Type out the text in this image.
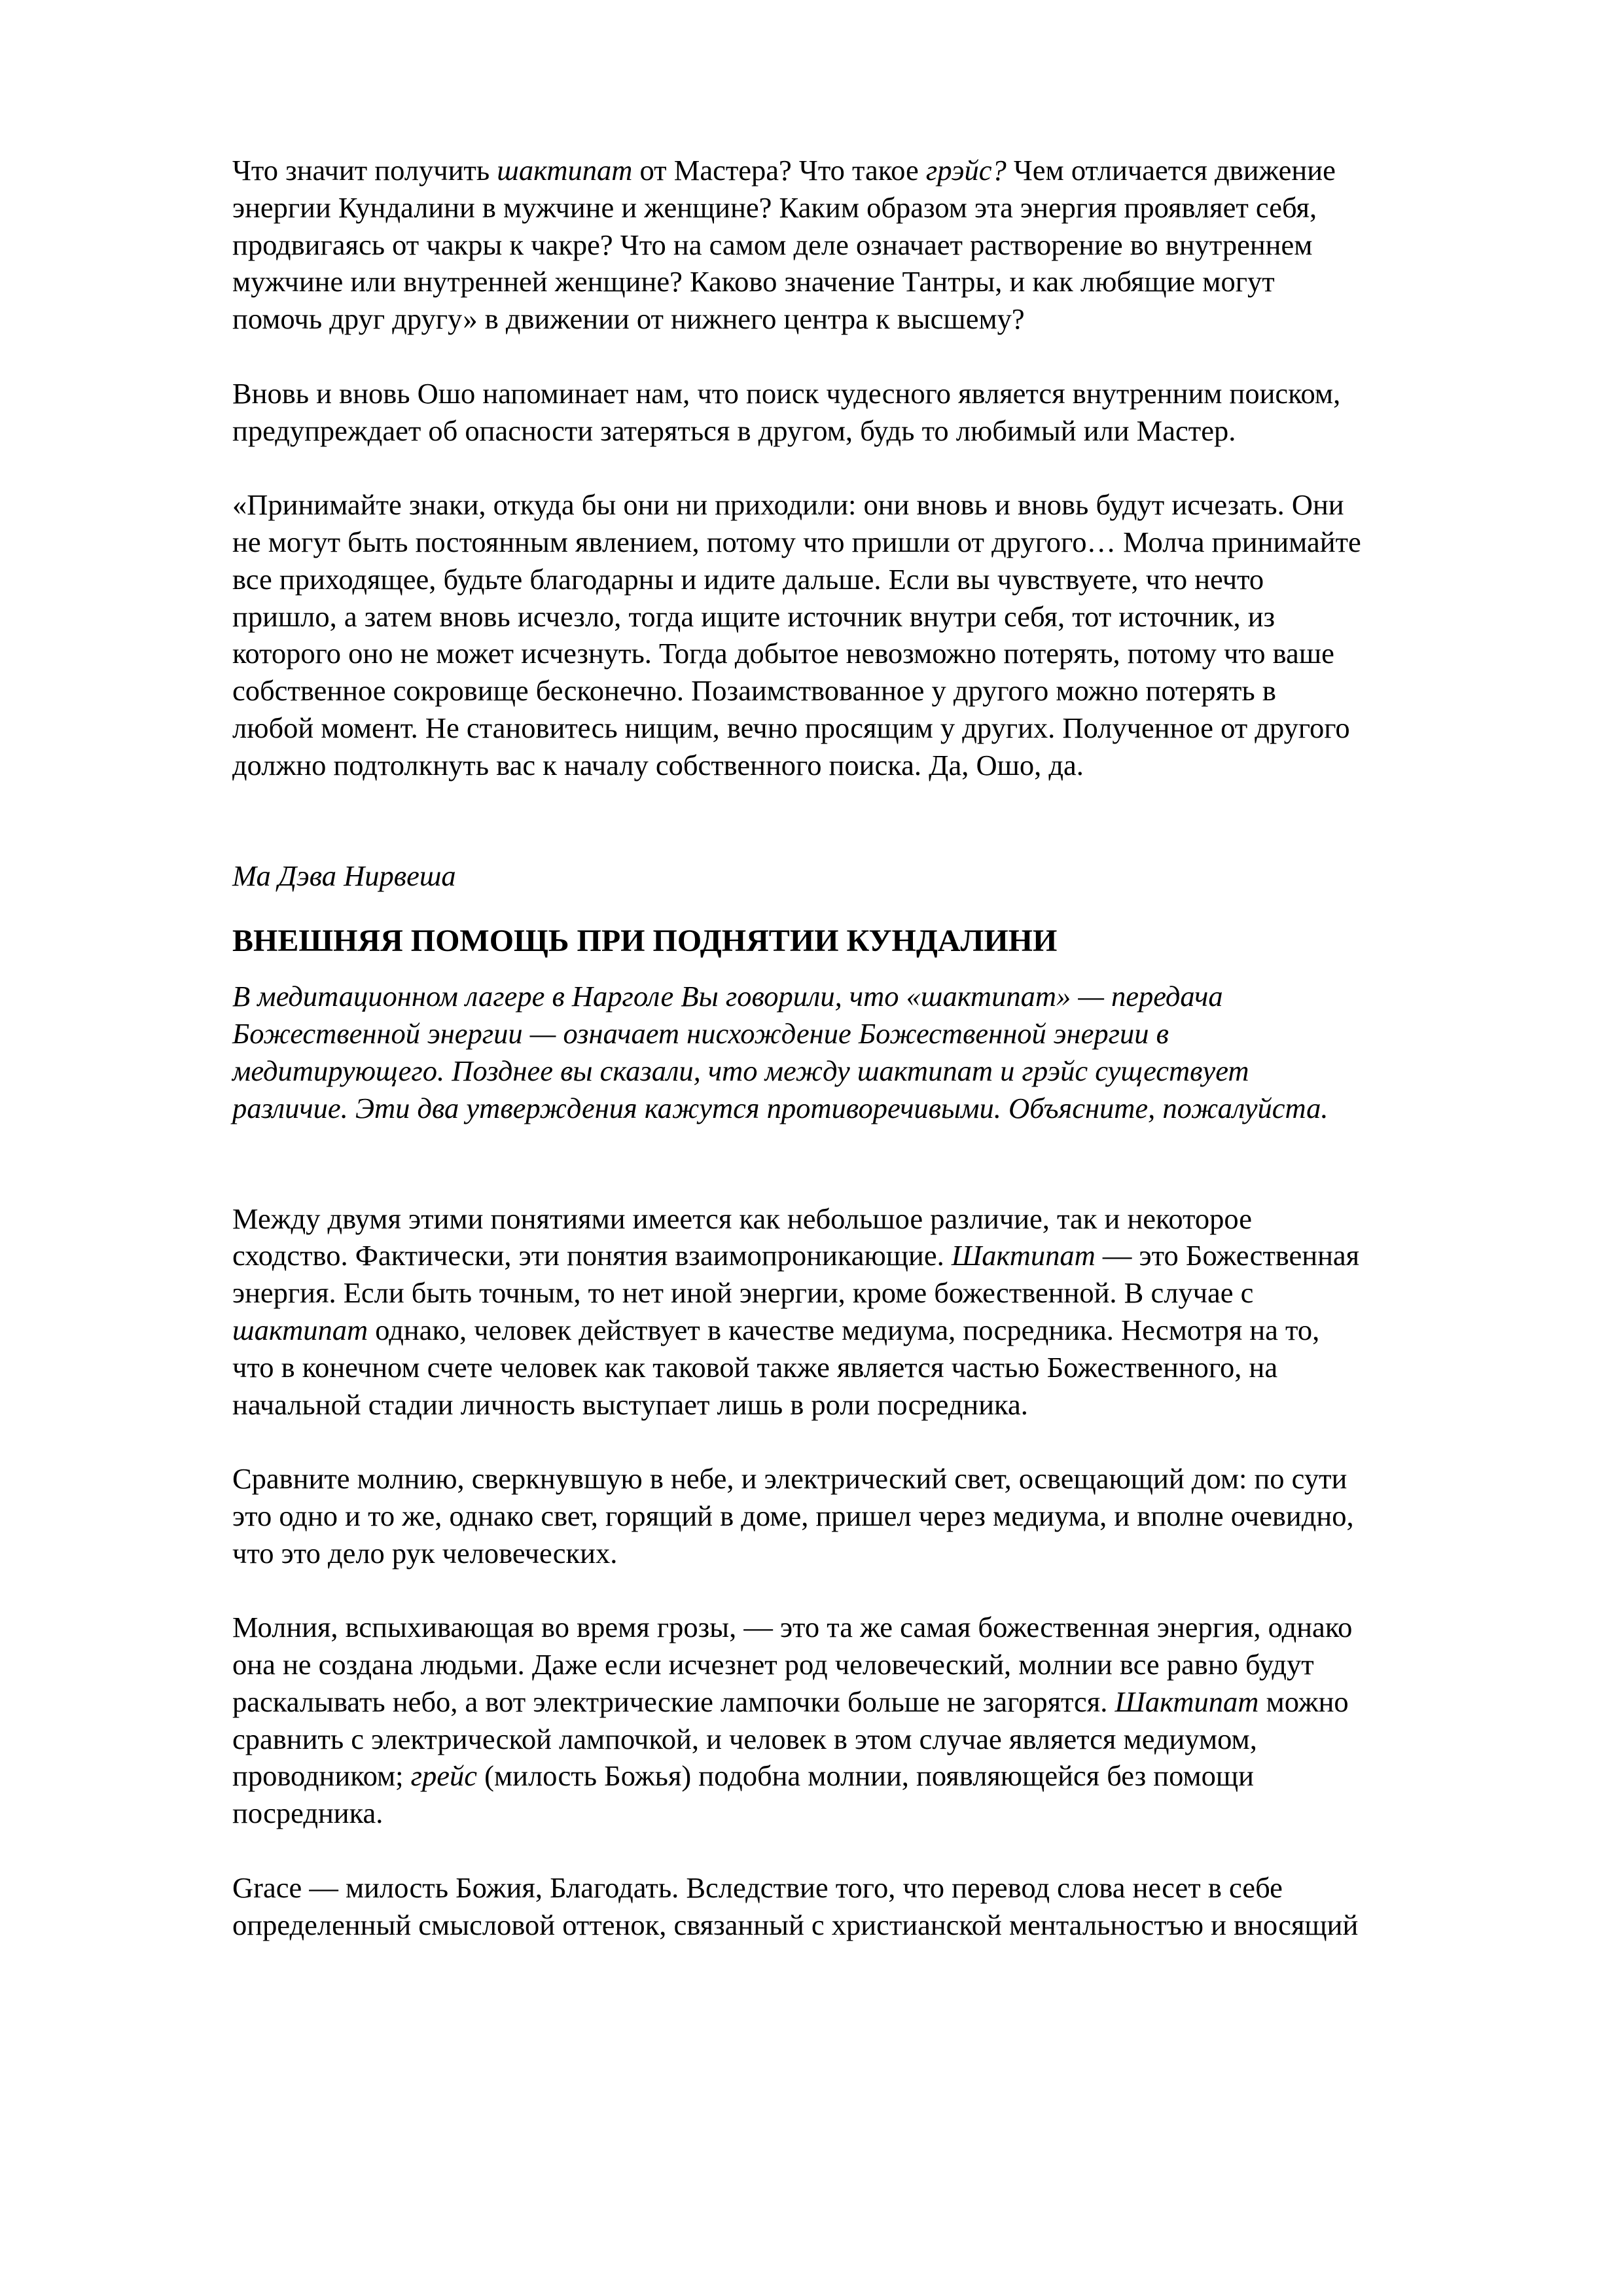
Что значит получить шактипат от Мастера? Что такое грэйс? Чем отличается движение
энергии Кундалини в мужчине и женщине? Каким образом эта энергия проявляет себя,
продвигаясь от чакры к чакре? Что на самом деле означает растворение во внутреннем
мужчине или внутренней женщине? Каково значение Тантры, и как любящие могут
помочь друг другу» в движении от нижнего центра к высшему?

Вновь и вновь Ошо напоминает нам, что поиск чудесного является внутренним поиском,
предупреждает об опасности затеряться в другом, будь то любимый или Мастер.

«Принимайте знаки, откуда бы они ни приходили: они вновь и вновь будут исчезать. Они
не могут быть постоянным явлением, потому что пришли от другого… Молча принимайте
все приходящее, будьте благодарны и идите дальше. Если вы чувствуете, что нечто
пришло, а затем вновь исчезло, тогда ищите источник внутри себя, тот источник, из
которого оно не может исчезнуть. Тогда добытое невозможно потерять, потому что ваше
собственное сокровище бесконечно. Позаимствованное у другого можно потерять в
любой момент. Не становитесь нищим, вечно просящим у других. Полученное от другого
должно подтолкнуть вас к началу собственного поиска. Да, Ошо, да.

Ма Дэва Нирвеша

ВНЕШНЯЯ ПОМОЩЬ ПРИ ПОДНЯТИИ КУНДАЛИНИ

В медитационном лагере в Нарголе Вы говорили, что «шактипат» — передача
Божественной энергии — означает нисхождение Божественной энергии в
медитирующего. Позднее вы сказали, что между шактипат и грэйс существует
различие. Эти два утверждения кажутся противоречивыми. Объясните, пожалуйста.

Между двумя этими понятиями имеется как небольшое различие, так и некоторое
сходство. Фактически, эти понятия взаимопроникающие. Шактипат — это Божественная
энергия. Если быть точным, то нет иной энергии, кроме божественной. В случае с
шактипат однако, человек действует в качестве медиума, посредника. Несмотря на то,
что в конечном счете человек как таковой также является частью Божественного, на
начальной стадии личность выступает лишь в роли посредника.

Сравните молнию, сверкнувшую в небе, и электрический свет, освещающий дом: по сути
это одно и то же, однако свет, горящий в доме, пришел через медиума, и вполне очевидно,
что это дело рук человеческих.

Молния, вспыхивающая во время грозы, — это та же самая божественная энергия, однако
она не создана людьми. Даже если исчезнет род человеческий, молнии все равно будут
раскалывать небо, а вот электрические лампочки больше не загорятся. Шактипат можно
сравнить с электрической лампочкой, и человек в этом случае является медиумом,
проводником; грейс (милость Божья) подобна молнии, появляющейся без помощи
посредника.

Grace — милость Божия, Благодать. Вследствие того, что перевод слова несет в себе
определенный смысловой оттенок, связанный с христианской ментальностъю и вносящий
